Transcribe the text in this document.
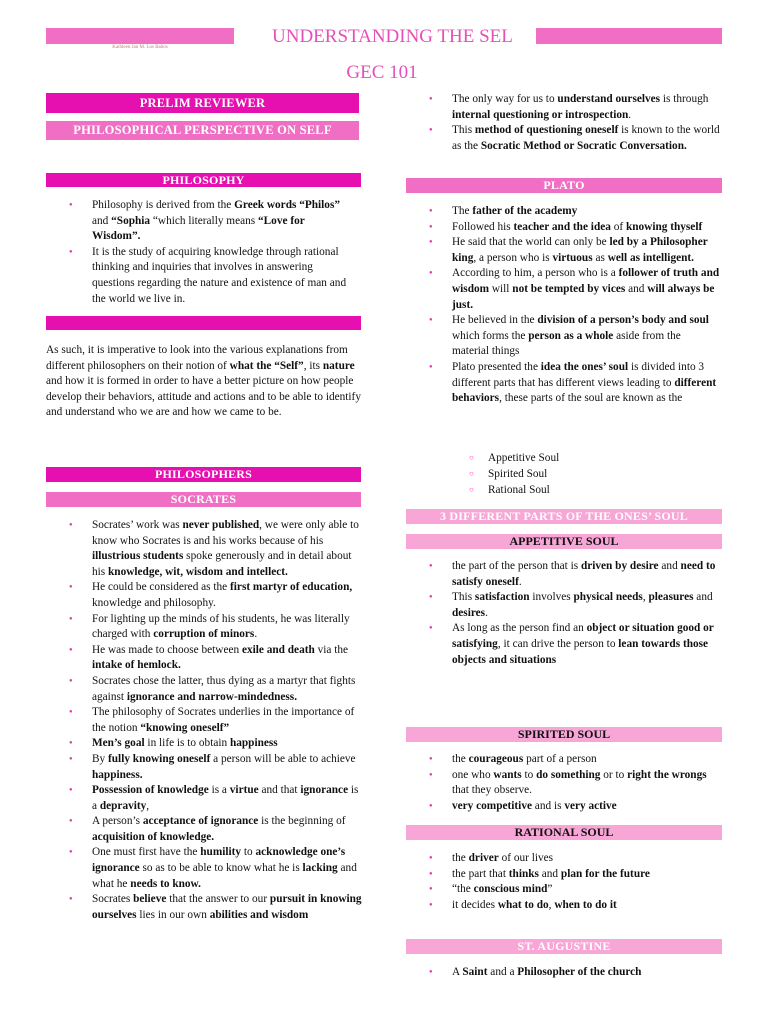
Kathleen Jan M. Los Baños
UNDERSTANDING THE SEL
GEC 101
PRELIM REVIEWER
PHILOSOPHICAL PERSPECTIVE ON SELF
PHILOSOPHY
● Philosophy is derived from the Greek words “Philos” and “Sophia “which literally means “Love for Wisdom”.
● It is the study of acquiring knowledge through rational thinking and inquiries that involves in answering questions regarding the nature and existence of man and the world we live in.

As such, it is imperative to look into the various explanations from different philosophers on their notion of what the “Self”, its nature and how it is formed in order to have a better picture on how people develop their behaviors, attitude and actions and to be able to identify and understand who we are and how we came to be.

PHILOSOPHERS
SOCRATES
● Socrates’ work was never published, we were only able to know who Socrates is and his works because of his illustrious students spoke generously and in detail about his knowledge, wit, wisdom and intellect.
● He could be considered as the first martyr of education, knowledge and philosophy.
● For lighting up the minds of his students, he was literally charged with corruption of minors.
● He was made to choose between exile and death via the intake of hemlock.
● Socrates chose the latter, thus dying as a martyr that fights against ignorance and narrow-mindedness.
● The philosophy of Socrates underlies in the importance of the notion “knowing oneself”
● Men’s goal in life is to obtain happiness
● By fully knowing oneself a person will be able to achieve happiness.
● Possession of knowledge is a virtue and that ignorance is a depravity,
● A person’s acceptance of ignorance is the beginning of acquisition of knowledge.
● One must first have the humility to acknowledge one’s ignorance so as to be able to know what he is lacking and what he needs to know.
● Socrates believe that the answer to our pursuit in knowing ourselves lies in our own abilities and wisdom
● The only way for us to understand ourselves is through internal questioning or introspection.
● This method of questioning oneself is known to the world as the Socratic Method or Socratic Conversation.
PLATO
● The father of the academy
● Followed his teacher and the idea of knowing thyself
● He said that the world can only be led by a Philosopher king, a person who is virtuous as well as intelligent.
● According to him, a person who is a follower of truth and wisdom will not be tempted by vices and will always be just.
● He believed in the division of a person’s body and soul which forms the person as a whole aside from the material things
● Plato presented the idea the ones’ soul is divided into 3 different parts that has different views leading to different behaviors, these parts of the soul are known as the
○ Appetitive Soul
○ Spirited Soul
○ Rational Soul
3 DIFFERENT PARTS OF THE ONES’ SOUL
APPETITIVE SOUL
● the part of the person that is driven by desire and need to satisfy oneself.
● This satisfaction involves physical needs, pleasures and desires.
● As long as the person find an object or situation good or satisfying, it can drive the person to lean towards those objects and situations
SPIRITED SOUL
● the courageous part of a person
● one who wants to do something or to right the wrongs that they observe.
● very competitive and is very active
RATIONAL SOUL
● the driver of our lives
● the part that thinks and plan for the future
● “the conscious mind”
● it decides what to do, when to do it
ST. AUGUSTINE
● A Saint and a Philosopher of the church
